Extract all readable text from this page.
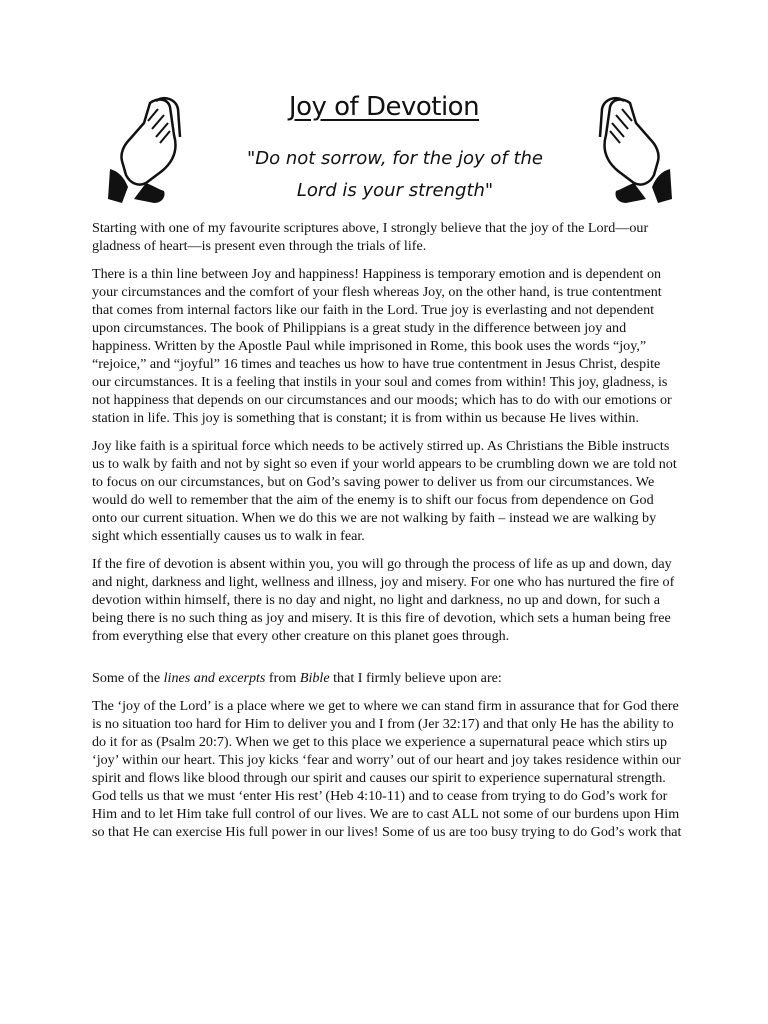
Joy of Devotion
"Do not sorrow, for the joy of the
Lord is your strength"

Starting with one of my favourite scriptures above, I strongly believe that the joy of the Lord—our gladness of heart—is present even through the trials of life.

There is a thin line between Joy and happiness! Happiness is temporary emotion and is dependent on your circumstances and the comfort of your flesh whereas Joy, on the other hand, is true contentment that comes from internal factors like our faith in the Lord. True joy is everlasting and not dependent upon circumstances. The book of Philippians is a great study in the difference between joy and happiness. Written by the Apostle Paul while imprisoned in Rome, this book uses the words “joy,” “rejoice,” and “joyful” 16 times and teaches us how to have true contentment in Jesus Christ, despite our circumstances. It is a feeling that instils in your soul and comes from within! This joy, gladness, is not happiness that depends on our circumstances and our moods; which has to do with our emotions or station in life. This joy is something that is constant; it is from within us because He lives within.

Joy like faith is a spiritual force which needs to be actively stirred up. As Christians the Bible instructs us to walk by faith and not by sight so even if your world appears to be crumbling down we are told not to focus on our circumstances, but on God’s saving power to deliver us from our circumstances. We would do well to remember that the aim of the enemy is to shift our focus from dependence on God onto our current situation. When we do this we are not walking by faith – instead we are walking by sight which essentially causes us to walk in fear.

If the fire of devotion is absent within you, you will go through the process of life as up and down, day and night, darkness and light, wellness and illness, joy and misery. For one who has nurtured the fire of devotion within himself, there is no day and night, no light and darkness, no up and down, for such a being there is no such thing as joy and misery. It is this fire of devotion, which sets a human being free from everything else that every other creature on this planet goes through.

Some of the lines and excerpts from Bible that I firmly believe upon are:

The ‘joy of the Lord’ is a place where we get to where we can stand firm in assurance that for God there is no situation too hard for Him to deliver you and I from (Jer 32:17) and that only He has the ability to do it for as (Psalm 20:7). When we get to this place we experience a supernatural peace which stirs up ‘joy’ within our heart. This joy kicks ‘fear and worry’ out of our heart and joy takes residence within our spirit and flows like blood through our spirit and causes our spirit to experience supernatural strength. God tells us that we must ‘enter His rest’ (Heb 4:10-11) and to cease from trying to do God’s work for Him and to let Him take full control of our lives. We are to cast ALL not some of our burdens upon Him so that He can exercise His full power in our lives! Some of us are too busy trying to do God’s work that
